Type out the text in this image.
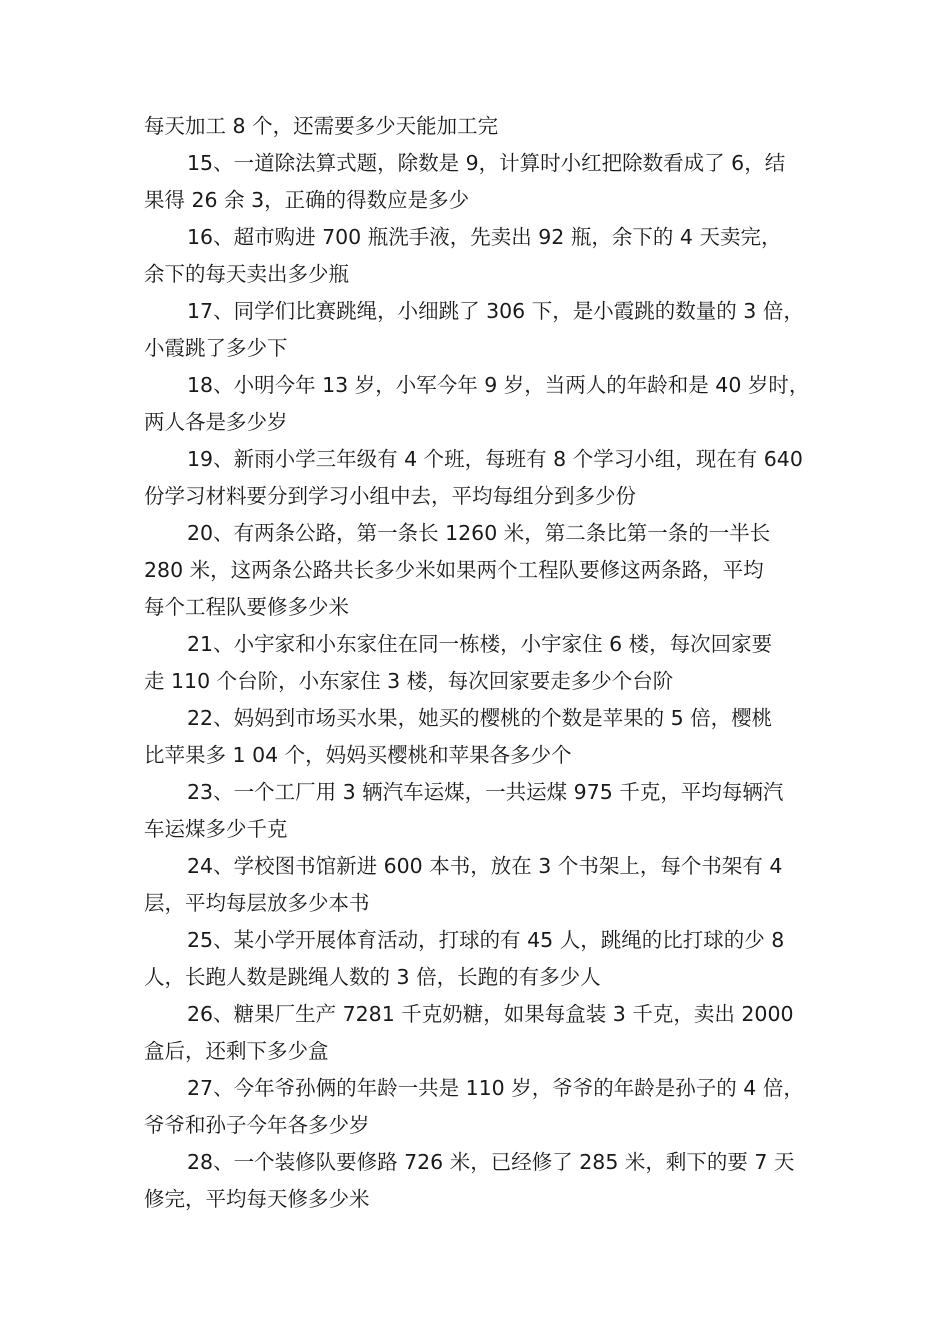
每天加工 8 个，还需要多少天能加工完
15、一道除法算式题，除数是 9，计算时小红把除数看成了 6，结
果得 26 余 3，正确的得数应是多少
16、超市购进 700 瓶洗手液，先卖出 92 瓶，余下的 4 天卖完，
余下的每天卖出多少瓶
17、同学们比赛跳绳，小细跳了 306 下，是小霞跳的数量的 3 倍，
小霞跳了多少下
18、小明今年 13 岁，小军今年 9 岁，当两人的年龄和是 40 岁时，
两人各是多少岁
19、新雨小学三年级有 4 个班，每班有 8 个学习小组，现在有 640
份学习材料要分到学习小组中去，平均每组分到多少份
20、有两条公路，第一条长 1260 米，第二条比第一条的一半长
280 米，这两条公路共长多少米如果两个工程队要修这两条路，平均
每个工程队要修多少米
21、小宇家和小东家住在同一栋楼，小宇家住 6 楼，每次回家要
走 110 个台阶，小东家住 3 楼，每次回家要走多少个台阶
22、妈妈到市场买水果，她买的樱桃的个数是苹果的 5 倍，樱桃
比苹果多 1 04 个，妈妈买樱桃和苹果各多少个
23、一个工厂用 3 辆汽车运煤，一共运煤 975 千克，平均每辆汽
车运煤多少千克
24、学校图书馆新进 600 本书，放在 3 个书架上，每个书架有 4
层，平均每层放多少本书
25、某小学开展体育活动，打球的有 45 人，跳绳的比打球的少 8
人，长跑人数是跳绳人数的 3 倍，长跑的有多少人
26、糖果厂生产 7281 千克奶糖，如果每盒装 3 千克，卖出 2000
盒后，还剩下多少盒
27、今年爷孙俩的年龄一共是 110 岁，爷爷的年龄是孙子的 4 倍，
爷爷和孙子今年各多少岁
28、一个装修队要修路 726 米，已经修了 285 米，剩下的要 7 天
修完，平均每天修多少米
